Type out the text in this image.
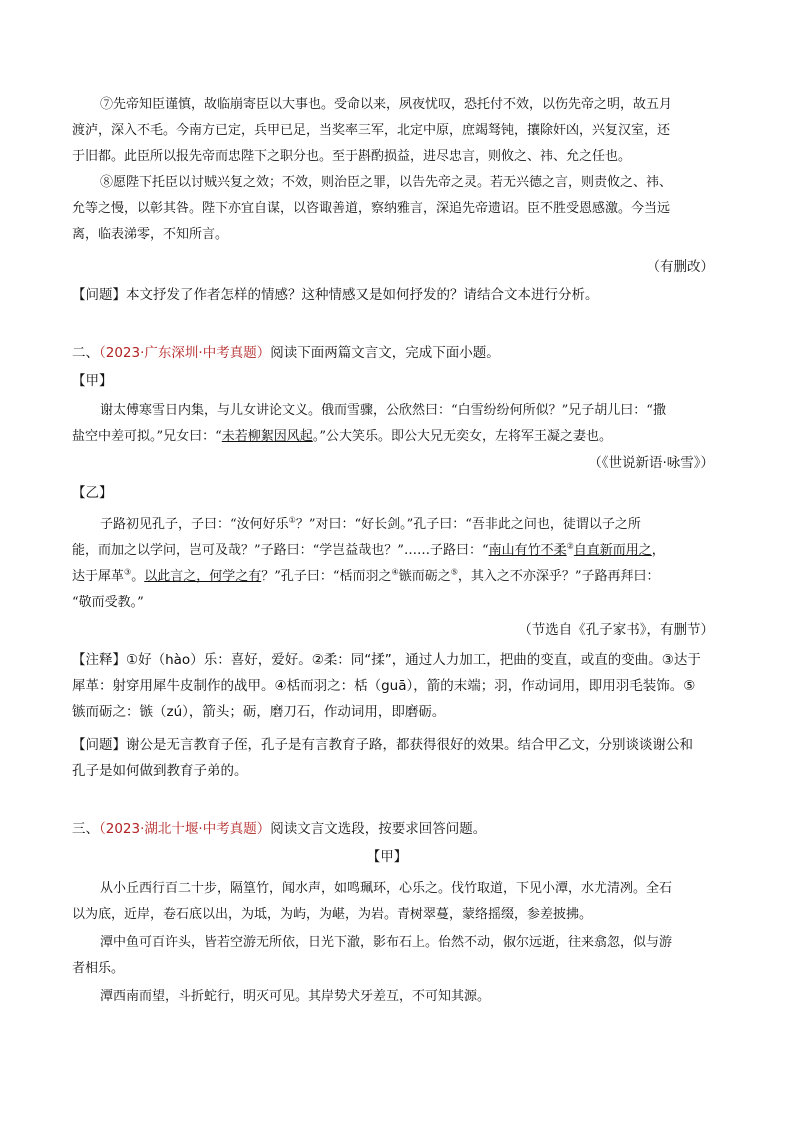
⑦先帝知臣谨慎，故临崩寄臣以大事也。受命以来，夙夜忧叹，恐托付不效，以伤先帝之明，故五月
渡泸，深入不毛。今南方已定，兵甲已足，当奖率三军，北定中原，庶竭驽钝，攘除奸凶，兴复汉室，还
于旧都。此臣所以报先帝而忠陛下之职分也。至于斟酌损益，进尽忠言，则攸之、祎、允之任也。
⑧愿陛下托臣以讨贼兴复之效；不效，则治臣之罪，以告先帝之灵。若无兴德之言，则责攸之、祎、
允等之慢，以彰其咎。陛下亦宜自谋，以咨诹善道，察纳雅言，深追先帝遗诏。臣不胜受恩感激。今当远
离，临表涕零，不知所言。
（有删改）
【问题】本文抒发了作者怎样的情感？这种情感又是如何抒发的？请结合文本进行分析。
二、（2023·广东深圳·中考真题）阅读下面两篇文言文，完成下面小题。
【甲】
谢太傅寒雪日内集，与儿女讲论文义。俄而雪骤，公欣然曰：“白雪纷纷何所似？”兄子胡儿曰：“撒
盐空中差可拟。”兄女曰：“未若柳絮因风起。”公大笑乐。即公大兄无奕女，左将军王凝之妻也。
（《世说新语·咏雪》）
【乙】
子路初见孔子，子曰：“汝何好乐①？”对曰：“好长剑。”孔子曰：“吾非此之问也，徒谓以子之所
能，而加之以学问，岂可及哉？”子路曰：“学岂益哉也？”……子路曰：“南山有竹不柔②自直新而用之，
达于犀革③。以此言之，何学之有？”孔子曰：“栝而羽之④镞而砺之⑤，其入之不亦深乎？”子路再拜曰：
“敬而受教。”
（节选自《孔子家书》，有删节）
【注释】①好（hào）乐：喜好，爱好。②柔：同“揉”，通过人力加工，把曲的变直，或直的变曲。③达于
犀革：射穿用犀牛皮制作的战甲。④栝而羽之：栝（guā），箭的末端；羽，作动词用，即用羽毛装饰。⑤
镞而砺之：镞（zú），箭头；砺，磨刀石，作动词用，即磨砺。
【问题】谢公是无言教育子侄，孔子是有言教育子路，都获得很好的效果。结合甲乙文，分别谈谈谢公和
孔子是如何做到教育子弟的。
三、（2023·湖北十堰·中考真题）阅读文言文选段，按要求回答问题。
【甲】
从小丘西行百二十步，隔篁竹，闻水声，如鸣珮环，心乐之。伐竹取道，下见小潭，水尤清冽。全石
以为底，近岸，卷石底以出，为坻，为屿，为嵁，为岩。青树翠蔓，蒙络摇缀，参差披拂。
潭中鱼可百许头，皆若空游无所依，日光下澈，影布石上。佁然不动，俶尔远逝，往来翕忽，似与游
者相乐。
潭西南而望，斗折蛇行，明灭可见。其岸势犬牙差互，不可知其源。
